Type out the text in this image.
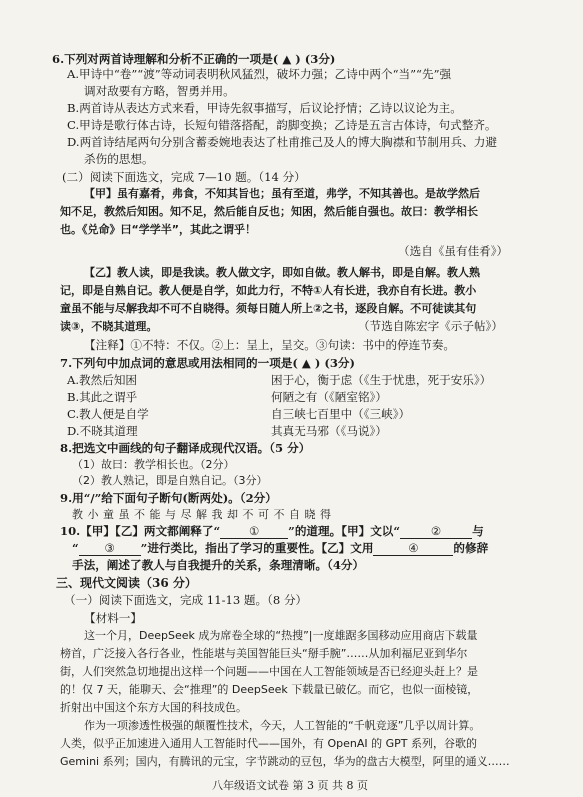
6.下列对两首诗理解和分析不正确的一项是( ▲ ) (3分)
A.甲诗中“卷”“渡”等动词表明秋风猛烈，破坏力强；乙诗中两个“当”“先”强
调对敌要有方略，智勇并用。
B.两首诗从表达方式来看，甲诗先叙事描写，后议论抒情；乙诗以议论为主。
C.甲诗是歌行体古诗，长短句错落搭配，韵脚变换；乙诗是五言古体诗，句式整齐。
D.两首诗结尾两句分别含蓄委婉地表达了杜甫推己及人的博大胸襟和节制用兵、力避
杀伤的思想。
(二）阅读下面选文，完成 7—10 题。（14 分）
【甲】虽有嘉肴，弗食，不知其旨也；虽有至道，弗学，不知其善也。是故学然后
知不足，教然后知困。知不足，然后能自反也；知困，然后能自强也。故曰：教学相长
也。《兑命》曰“学学半”，其此之谓乎！
（选自《虽有佳肴》）
【乙】教人读，即是我读。教人做文字，即如自做。教人解书，即是自解。教人熟
记，即是自熟自记。教人便是自学，如此力行，不特①人有长进，我亦自有长进。教小
童虽不能与尽解我却不可不自晓得。须每日随人所上②之书，逐段自解。不可徒读其句
读③，不晓其道理。	（节选自陈宏字《示子帖》）
【注释】①不特：不仅。②上：呈上，呈交。③句读：书中的停连节奏。
7.下列句中加点词的意思或用法相同的一项是( ▲ ) (3分)
A.教然后知困	困于心，衡于虑（《生于忧患，死于安乐》）
B.其此之谓乎	何陋之有（《陋室铭》）
C.教人便是自学	自三峡七百里中（《三峡》）
D.不晓其道理	其真无马邪（《马说》）
8.把选文中画线的句子翻译成现代汉语。（5 分）
（1）故曰：教学相长也。（2分）
（2）教人熟记，即是自熟自记。（3分）
9.用“/”给下面句子断句(断两处)。（2分）
教 小 童 虽 不 能 与 尽 解 我 却 不 可 不 自 晓 得
10.【甲】【乙】两文都阐释了“ ① ”的道理。【甲】文以“	②	与
“ ③ ”进行类比，指出了学习的重要性。【乙】文用	④	的修辞
手法，阐述了教人与自我提升的关系，条理清晰。（4分）
三、现代文阅读（36 分）
（一）阅读下面选文，完成 11-13 题。（8 分）
【材料一】
这一个月，DeepSeek 成为席卷全球的“热搜”|一度雄踞多国移动应用商店下载量
榜首，广泛接入各行各业，性能堪与美国智能巨头“掰手腕”……从加利福尼亚到华尔
街，人们突然急切地提出这样一个问题——中国在人工智能领域是否已经迎头赶上？是
的！仅 7 天，能聊天、会“推理”的 DeepSeek 下载量已破亿。而它，也似一面棱镜，
折射出中国这个东方大国的科技成色。
作为一项渗透性极强的颠覆性技术，今天，人工智能的“千帆竞逐”几乎以周计算。
人类，似乎正加速进入通用人工智能时代——国外，有 OpenAI 的 GPT 系列，谷歌的
Gemini 系列；国内，有腾讯的元宝，字节跳动的豆包，华为的盘古大模型，阿里的通义……
八年级语文试卷 第 3 页 共 8 页
